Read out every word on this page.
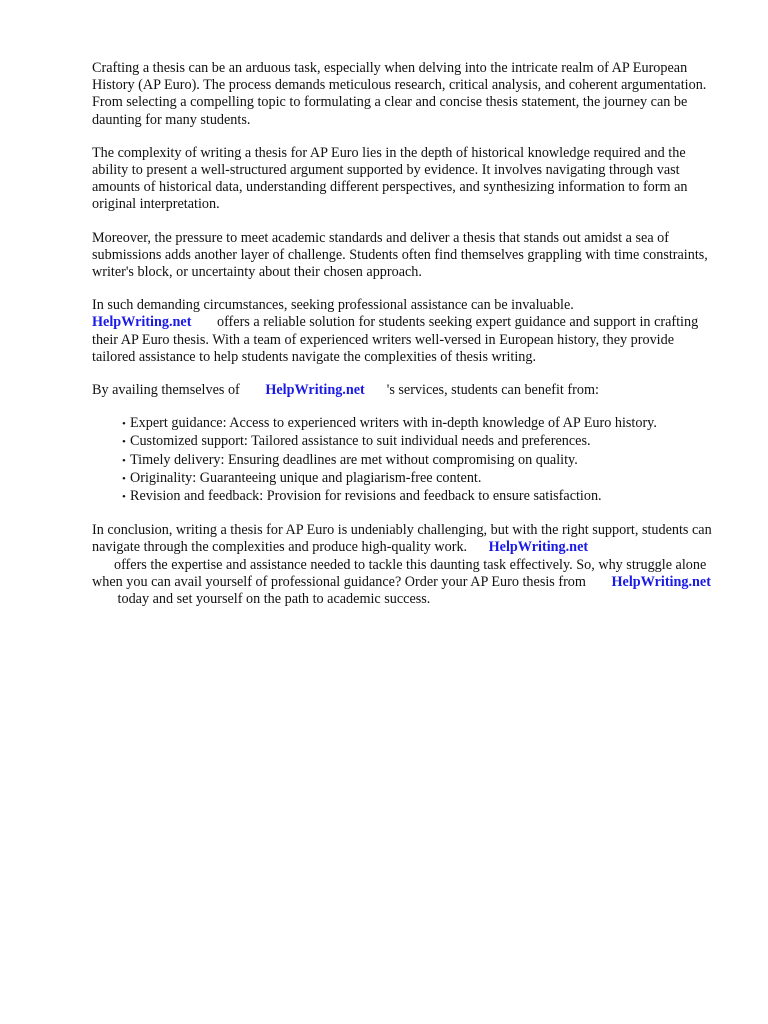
Crafting a thesis can be an arduous task, especially when delving into the intricate realm of AP European History (AP Euro). The process demands meticulous research, critical analysis, and coherent argumentation. From selecting a compelling topic to formulating a clear and concise thesis statement, the journey can be daunting for many students.

The complexity of writing a thesis for AP Euro lies in the depth of historical knowledge required and the ability to present a well-structured argument supported by evidence. It involves navigating through vast amounts of historical data, understanding different perspectives, and synthesizing information to form an original interpretation.

Moreover, the pressure to meet academic standards and deliver a thesis that stands out amidst a sea of submissions adds another layer of challenge. Students often find themselves grappling with time constraints, writer's block, or uncertainty about their chosen approach.

In such demanding circumstances, seeking professional assistance can be invaluable.
HelpWriting.net offers a reliable solution for students seeking expert guidance and support in crafting their AP Euro thesis. With a team of experienced writers well-versed in European history, they provide tailored assistance to help students navigate the complexities of thesis writing.

By availing themselves of HelpWriting.net 's services, students can benefit from:

• Expert guidance: Access to experienced writers with in-depth knowledge of AP Euro history.
• Customized support: Tailored assistance to suit individual needs and preferences.
• Timely delivery: Ensuring deadlines are met without compromising on quality.
• Originality: Guaranteeing unique and plagiarism-free content.
• Revision and feedback: Provision for revisions and feedback to ensure satisfaction.

In conclusion, writing a thesis for AP Euro is undeniably challenging, but with the right support, students can navigate through the complexities and produce high-quality work. HelpWriting.net
offers the expertise and assistance needed to tackle this daunting task effectively. So, why struggle alone when you can avail yourself of professional guidance? Order your AP Euro thesis from HelpWriting.net today and set yourself on the path to academic success.
